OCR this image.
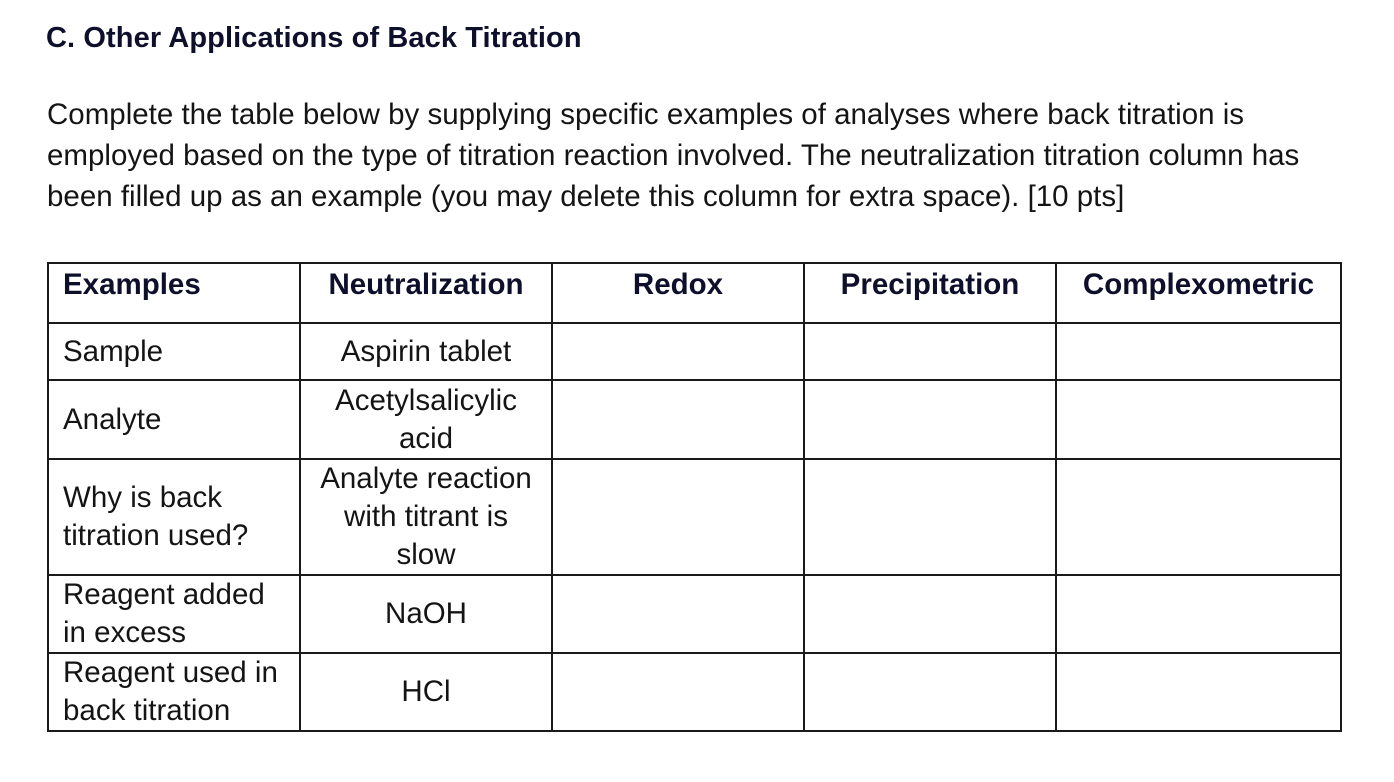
C. Other Applications of Back Titration

Complete the table below by supplying specific examples of analyses where back titration is employed based on the type of titration reaction involved. The neutralization titration column has been filled up as an example (you may delete this column for extra space). [10 pts]

Examples	Neutralization	Redox	Precipitation	Complexometric
Sample	Aspirin tablet			
Analyte	Acetylsalicylic acid			
Why is back titration used?	Analyte reaction with titrant is slow			
Reagent added in excess	NaOH			
Reagent used in back titration	HCl			
